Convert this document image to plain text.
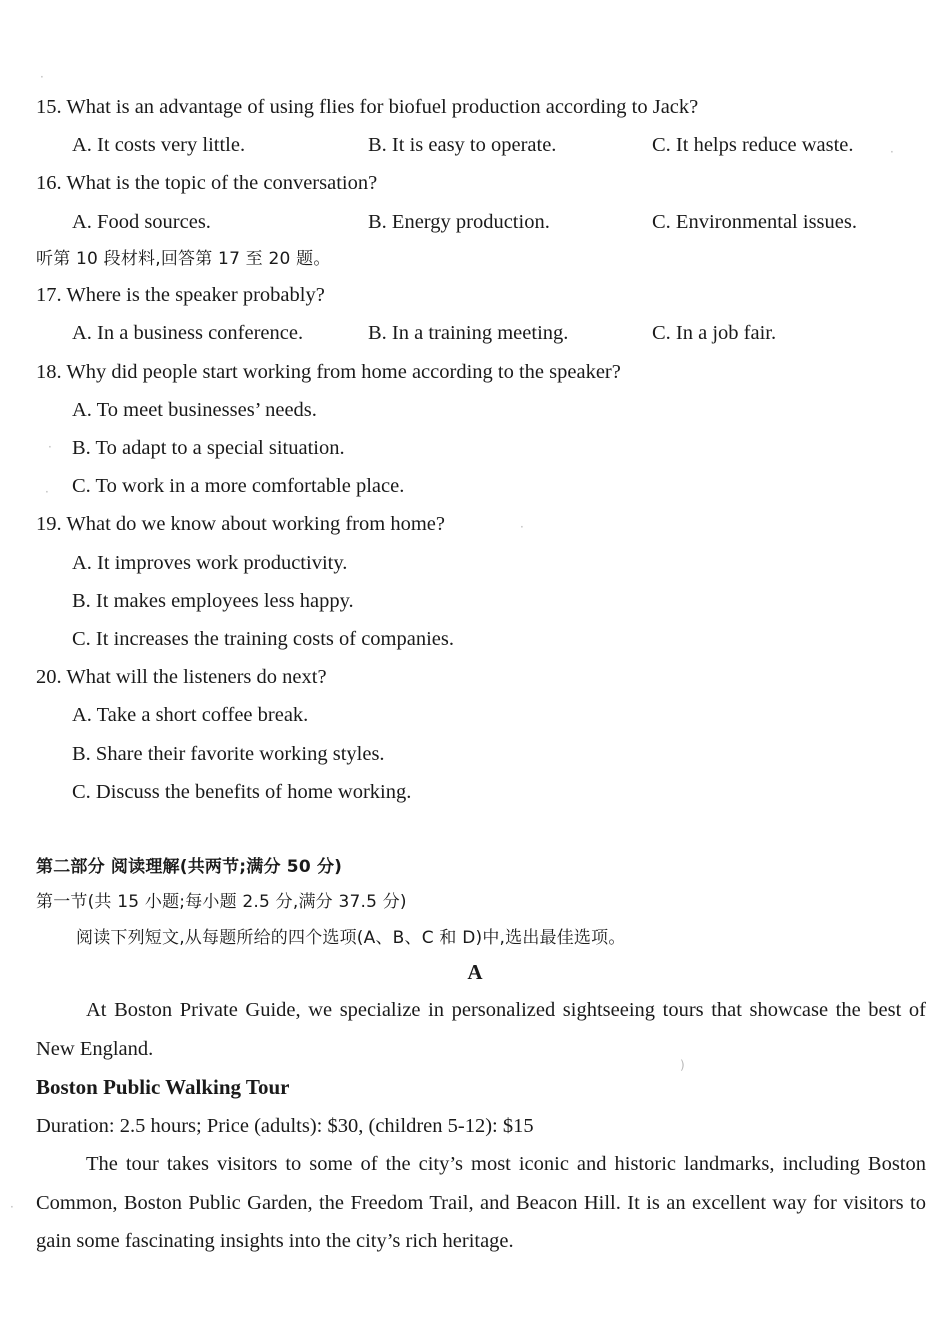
15. What is an advantage of using flies for biofuel production according to Jack?
A. It costs very little.	B. It is easy to operate.	C. It helps reduce waste.
16. What is the topic of the conversation?
A. Food sources.	B. Energy production.	C. Environmental issues.
听第 10 段材料,回答第 17 至 20 题。
17. Where is the speaker probably?
A. In a business conference.	B. In a training meeting.	C. In a job fair.
18. Why did people start working from home according to the speaker?
A. To meet businesses’ needs.
B. To adapt to a special situation.
C. To work in a more comfortable place.
19. What do we know about working from home?
A. It improves work productivity.
B. It makes employees less happy.
C. It increases the training costs of companies.
20. What will the listeners do next?
A. Take a short coffee break.
B. Share their favorite working styles.
C. Discuss the benefits of home working.
第二部分 阅读理解(共两节;满分 50 分)
第一节(共 15 小题;每小题 2.5 分,满分 37.5 分)
阅读下列短文,从每题所给的四个选项(A、B、C 和 D)中,选出最佳选项。
A
At Boston Private Guide, we specialize in personalized sightseeing tours that showcase the best of New England.
Boston Public Walking Tour
Duration: 2.5 hours; Price (adults): $30, (children 5-12): $15
The tour takes visitors to some of the city’s most iconic and historic landmarks, including Boston Common, Boston Public Garden, the Freedom Trail, and Beacon Hill. It is an excellent way for visitors to gain some fascinating insights into the city’s rich heritage.
·
·
·
·
·
)
·
